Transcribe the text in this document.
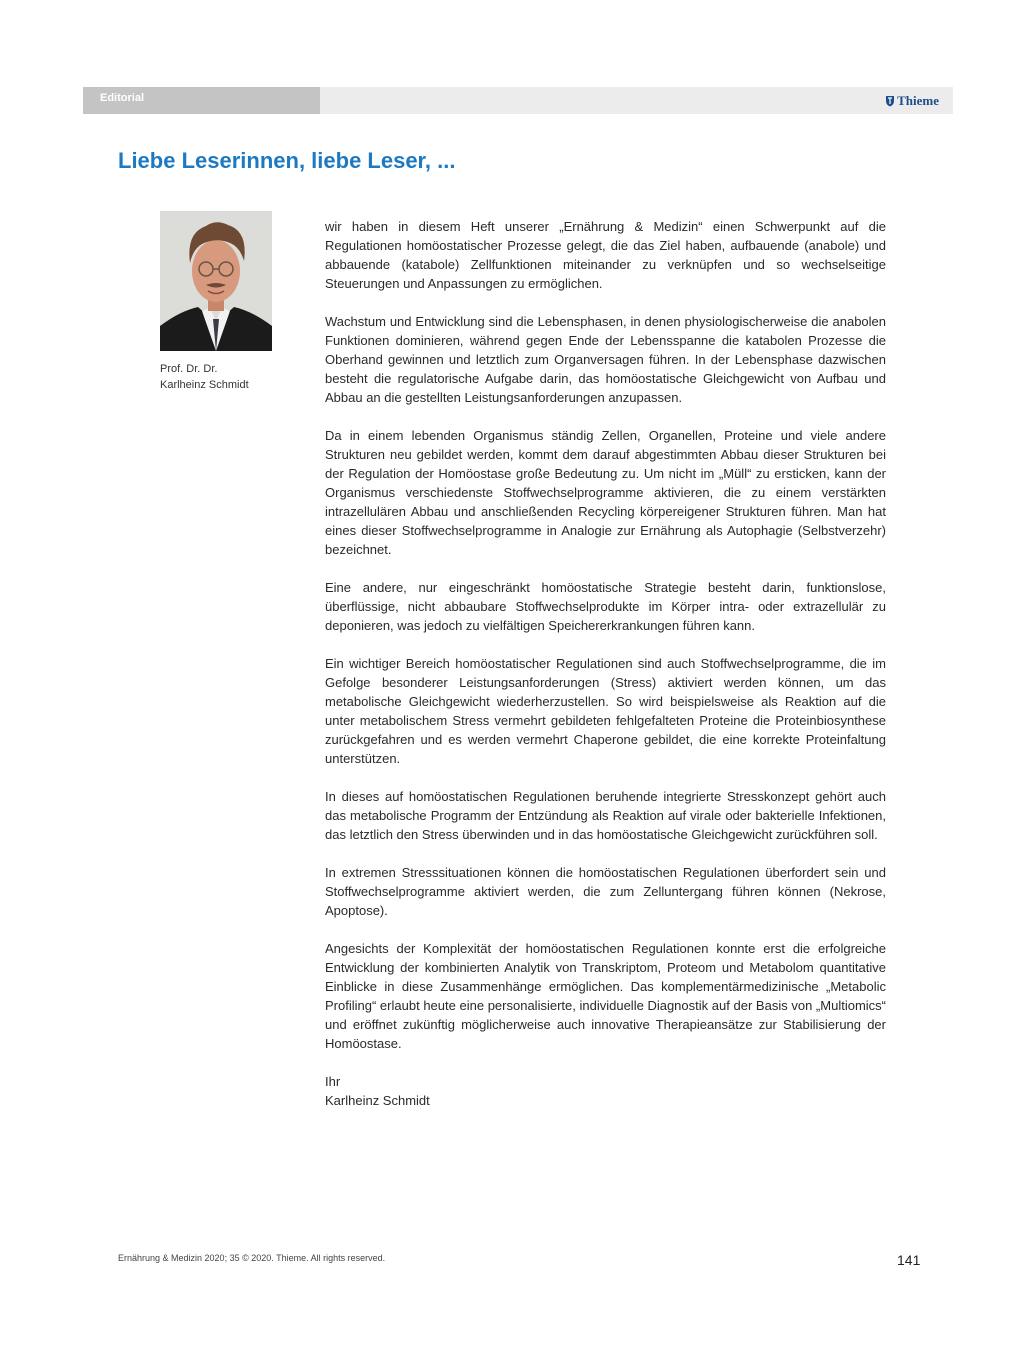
Editorial	Thieme
Liebe Leserinnen, liebe Leser, ...
Prof. Dr. Dr.
Karlheinz Schmidt

wir haben in diesem Heft unserer „Ernährung & Medizin“ einen Schwerpunkt auf die Regulationen homöostatischer Prozesse gelegt, die das Ziel haben, aufbauende (anabole) und abbauende (katabole) Zellfunktionen miteinander zu verknüpfen und so wechselseitige Steuerungen und Anpassungen zu ermöglichen.

Wachstum und Entwicklung sind die Lebensphasen, in denen physiologischerweise die anabolen Funktionen dominieren, während gegen Ende der Lebensspanne die katabolen Prozesse die Oberhand gewinnen und letztlich zum Organversagen führen. In der Lebensphase dazwischen besteht die regulatorische Aufgabe darin, das homöostatische Gleichgewicht von Aufbau und Abbau an die gestellten Leistungsanforderungen anzupassen.

Da in einem lebenden Organismus ständig Zellen, Organellen, Proteine und viele andere Strukturen neu gebildet werden, kommt dem darauf abgestimmten Abbau dieser Strukturen bei der Regulation der Homöostase große Bedeutung zu. Um nicht im „Müll“ zu ersticken, kann der Organismus verschiedenste Stoffwechselprogramme aktivieren, die zu einem verstärkten intrazellulären Abbau und anschließenden Recycling körpereigener Strukturen führen. Man hat eines dieser Stoffwechselprogramme in Analogie zur Ernährung als Autophagie (Selbstverzehr) bezeichnet.

Eine andere, nur eingeschränkt homöostatische Strategie besteht darin, funktionslose, überflüssige, nicht abbaubare Stoffwechselprodukte im Körper intra- oder extrazellulär zu deponieren, was jedoch zu vielfältigen Speichererkrankungen führen kann.

Ein wichtiger Bereich homöostatischer Regulationen sind auch Stoffwechselprogramme, die im Gefolge besonderer Leistungsanforderungen (Stress) aktiviert werden können, um das metabolische Gleichgewicht wiederherzustellen. So wird beispielsweise als Reaktion auf die unter metabolischem Stress vermehrt gebildeten fehlgefalteten Proteine die Proteinbiosynthese zurückgefahren und es werden vermehrt Chaperone gebildet, die eine korrekte Proteinfaltung unterstützen.

In dieses auf homöostatischen Regulationen beruhende integrierte Stresskonzept gehört auch das metabolische Programm der Entzündung als Reaktion auf virale oder bakterielle Infektionen, das letztlich den Stress überwinden und in das homöostatische Gleichgewicht zurückführen soll.

In extremen Stresssituationen können die homöostatischen Regulationen überfordert sein und Stoffwechselprogramme aktiviert werden, die zum Zelluntergang führen können (Nekrose, Apoptose).

Angesichts der Komplexität der homöostatischen Regulationen konnte erst die erfolgreiche Entwicklung der kombinierten Analytik von Transkriptom, Proteom und Metabolom quantitative Einblicke in diese Zusammenhänge ermöglichen. Das komplementärmedizinische „Metabolic Profiling“ erlaubt heute eine personalisierte, individuelle Diagnostik auf der Basis von „Multiomics“ und eröffnet zukünftig möglicherweise auch innovative Therapieansätze zur Stabilisierung der Homöostase.

Ihr
Karlheinz Schmidt
Ernährung & Medizin 2020; 35 © 2020. Thieme. All rights reserved.	141
